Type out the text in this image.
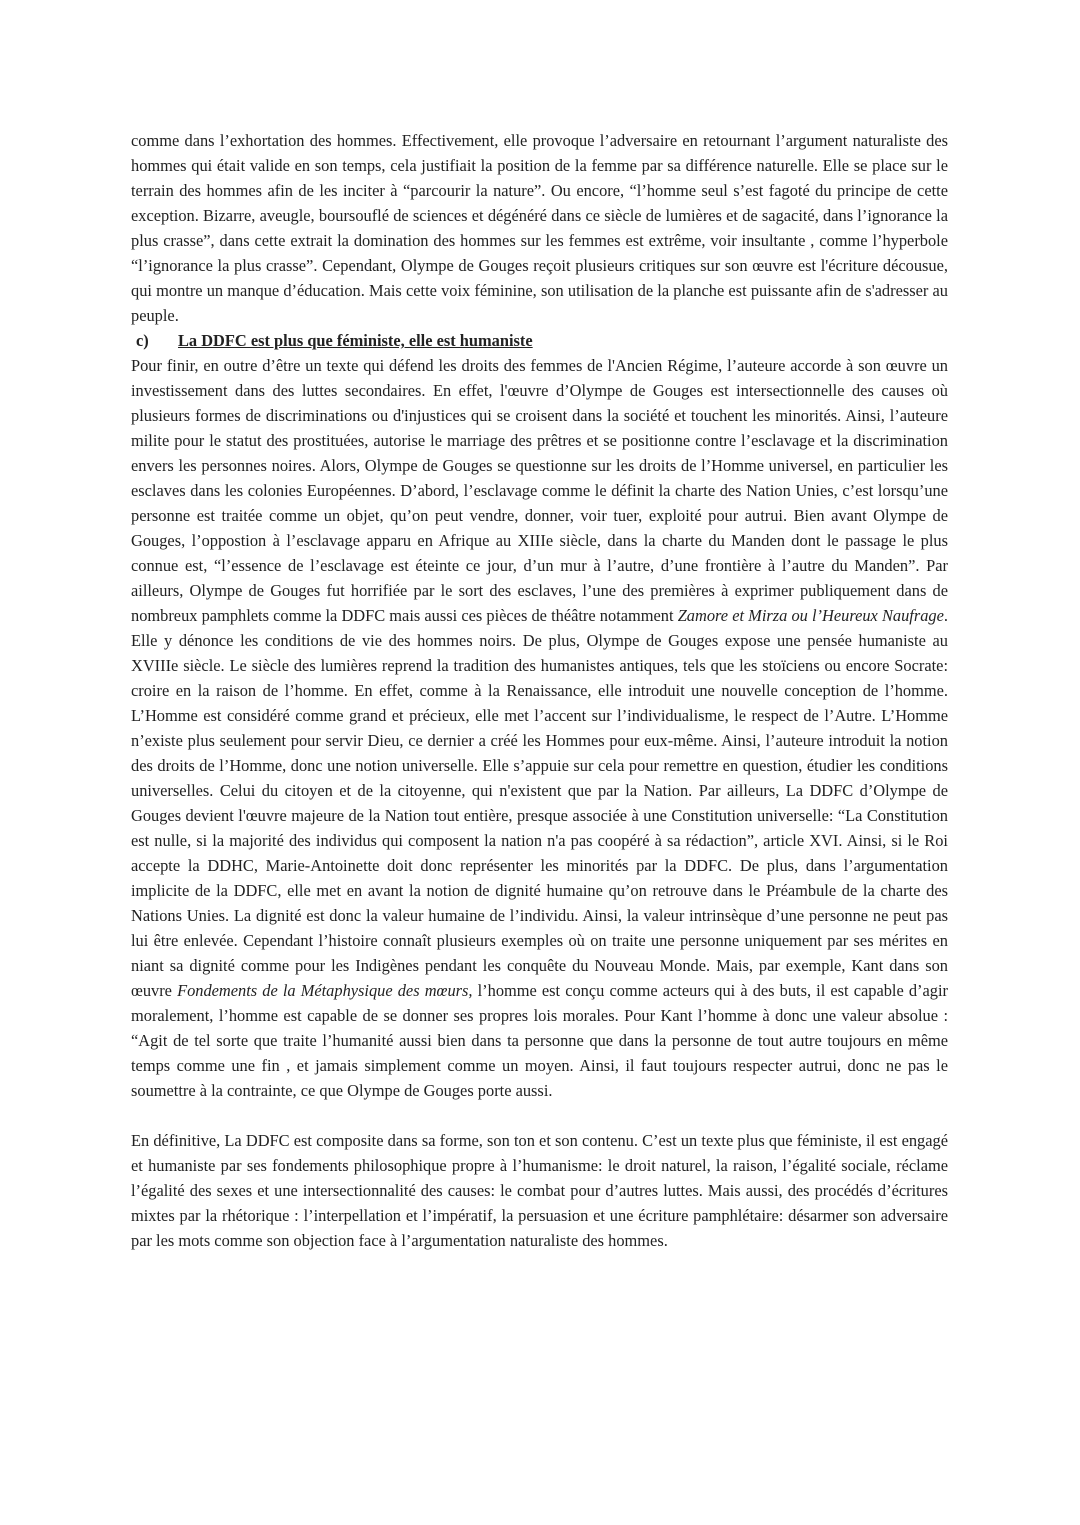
comme dans l’exhortation des hommes. Effectivement, elle provoque l’adversaire en retournant l’argument naturaliste des hommes qui était valide en son temps, cela justifiait la position de la femme par sa différence naturelle. Elle se place sur le terrain des hommes afin de les inciter à “parcourir la nature”. Ou encore, “l’homme seul s’est fagoté du principe de cette exception. Bizarre, aveugle, boursouflé de sciences et dégénéré dans ce siècle de lumières et de sagacité, dans l’ignorance la plus crasse”, dans cette extrait la domination des hommes sur les femmes est extrême, voir insultante , comme l’hyperbole “l’ignorance la plus crasse”. Cependant, Olympe de Gouges reçoit plusieurs critiques sur son œuvre est l'écriture décousue, qui montre un manque d’éducation. Mais cette voix féminine, son utilisation de la planche est puissante afin de s'adresser au peuple.

c) La DDFC est plus que féministe, elle est humaniste

Pour finir, en outre d’être un texte qui défend les droits des femmes de l'Ancien Régime, l’auteure accorde à son œuvre un investissement dans des luttes secondaires. En effet, l'œuvre d’Olympe de Gouges est intersectionnelle des causes où plusieurs formes de discriminations ou d'injustices qui se croisent dans la société et touchent les minorités. Ainsi, l’auteure milite pour le statut des prostituées, autorise le marriage des prêtres et se positionne contre l’esclavage et la discrimination envers les personnes noires. Alors, Olympe de Gouges se questionne sur les droits de l’Homme universel, en particulier les esclaves dans les colonies Européennes. D’abord, l’esclavage comme le définit la charte des Nation Unies, c’est lorsqu’une personne est traitée comme un objet, qu’on peut vendre, donner, voir tuer, exploité pour autrui. Bien avant Olympe de Gouges, l’oppostion à l’esclavage apparu en Afrique au XIIIe siècle, dans la charte du Manden dont le passage le plus connue est, “l’essence de l’esclavage est éteinte ce jour, d’un mur à l’autre, d’une frontière à l’autre du Manden”. Par ailleurs, Olympe de Gouges fut horrifiée par le sort des esclaves, l’une des premières à exprimer publiquement dans de nombreux pamphlets comme la DDFC mais aussi ces pièces de théâtre notamment Zamore et Mirza ou l’Heureux Naufrage. Elle y dénonce les conditions de vie des hommes noirs. De plus, Olympe de Gouges expose une pensée humaniste au XVIIIe siècle. Le siècle des lumières reprend la tradition des humanistes antiques, tels que les stoïciens ou encore Socrate: croire en la raison de l’homme. En effet, comme à la Renaissance, elle introduit une nouvelle conception de l’homme. L’Homme est considéré comme grand et précieux, elle met l’accent sur l’individualisme, le respect de l’Autre. L’Homme n’existe plus seulement pour servir Dieu, ce dernier a créé les Hommes pour eux-même. Ainsi, l’auteure introduit la notion des droits de l’Homme, donc une notion universelle. Elle s’appuie sur cela pour remettre en question, étudier les conditions universelles. Celui du citoyen et de la citoyenne, qui n'existent que par la Nation. Par ailleurs, La DDFC d’Olympe de Gouges devient l'œuvre majeure de la Nation tout entière, presque associée à une Constitution universelle: “La Constitution est nulle, si la majorité des individus qui composent la nation n'a pas coopéré à sa rédaction”, article XVI. Ainsi, si le Roi accepte la DDHC, Marie-Antoinette doit donc représenter les minorités par la DDFC. De plus, dans l’argumentation implicite de la DDFC, elle met en avant la notion de dignité humaine qu’on retrouve dans le Préambule de la charte des Nations Unies. La dignité est donc la valeur humaine de l’individu. Ainsi, la valeur intrinsèque d’une personne ne peut pas lui être enlevée. Cependant l’histoire connaît plusieurs exemples où on traite une personne uniquement par ses mérites en niant sa dignité comme pour les Indigènes pendant les conquête du Nouveau Monde. Mais, par exemple, Kant dans son œuvre Fondements de la Métaphysique des mœurs, l’homme est conçu comme acteurs qui à des buts, il est capable d’agir moralement, l’homme est capable de se donner ses propres lois morales. Pour Kant l’homme à donc une valeur absolue : “Agit de tel sorte que traite l’humanité aussi bien dans ta personne que dans la personne de tout autre toujours en même temps comme une fin , et jamais simplement comme un moyen. Ainsi, il faut toujours respecter autrui, donc ne pas le soumettre à la contrainte, ce que Olympe de Gouges porte aussi.

En définitive, La DDFC est composite dans sa forme, son ton et son contenu. C’est un texte plus que féministe, il est engagé et humaniste par ses fondements philosophique propre à l’humanisme: le droit naturel, la raison, l’égalité sociale, réclame l’égalité des sexes et une intersectionnalité des causes: le combat pour d’autres luttes. Mais aussi, des procédés d’écritures mixtes par la rhétorique : l’interpellation et l’impératif, la persuasion et une écriture pamphlétaire: désarmer son adversaire par les mots comme son objection face à l’argumentation naturaliste des hommes.
